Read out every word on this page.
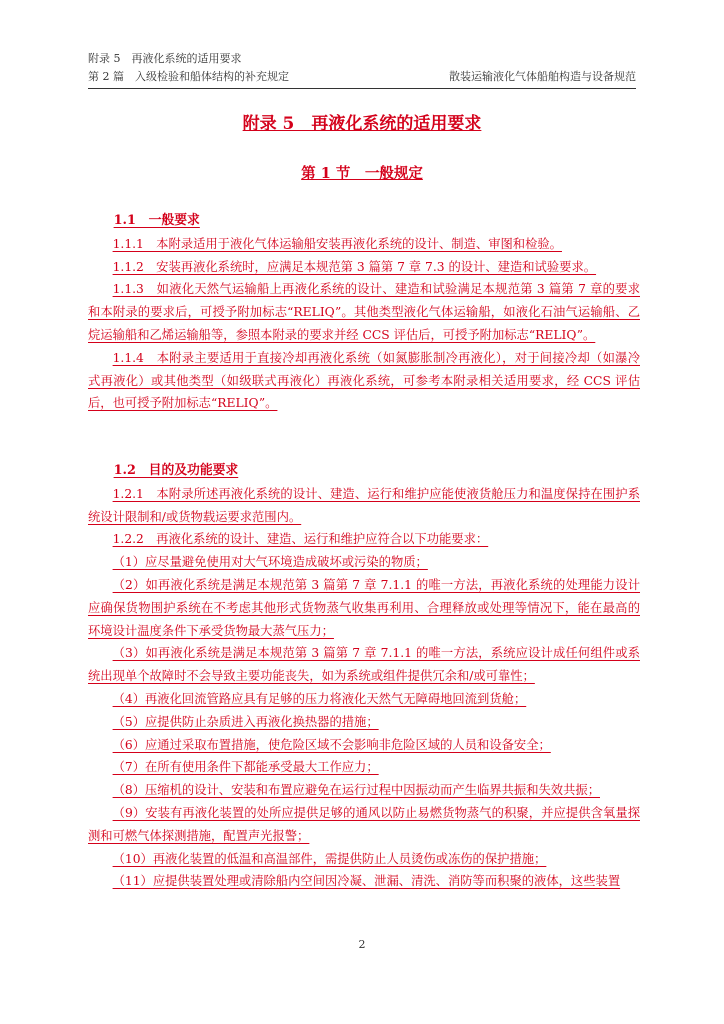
附录 5　再液化系统的适用要求
第 2 篇　入级检验和船体结构的补充规定	散装运输液化气体船舶构造与设备规范
附录 5　再液化系统的适用要求
第 1 节　一般规定

1.1　一般要求

1.1.1　本附录适用于液化气体运输船安装再液化系统的设计、制造、审图和检验。

1.1.2　安装再液化系统时，应满足本规范第 3 篇第 7 章 7.3 的设计、建造和试验要求。

1.1.3　如液化天然气运输船上再液化系统的设计、建造和试验满足本规范第 3 篇第 7 章的要求和本附录的要求后，可授予附加标志“RELIQ”。其他类型液化气体运输船，如液化石油气运输船、乙烷运输船和乙烯运输船等，参照本附录的要求并经 CCS 评估后，可授予附加标志“RELIQ”。

1.1.4　本附录主要适用于直接冷却再液化系统（如氮膨胀制冷再液化），对于间接冷却（如瀑冷式再液化）或其他类型（如级联式再液化）再液化系统，可参考本附录相关适用要求，经 CCS 评估后，也可授予附加标志“RELIQ”。

1.2　目的及功能要求

1.2.1　本附录所述再液化系统的设计、建造、运行和维护应能使液货舱压力和温度保持在围护系统设计限制和/或货物载运要求范围内。

1.2.2　再液化系统的设计、建造、运行和维护应符合以下功能要求：

（1）应尽量避免使用对大气环境造成破坏或污染的物质；

（2）如再液化系统是满足本规范第 3 篇第 7 章 7.1.1 的唯一方法，再液化系统的处理能力设计应确保货物围护系统在不考虑其他形式货物蒸气收集再利用、合理释放或处理等情况下，能在最高的环境设计温度条件下承受货物最大蒸气压力；

（3）如再液化系统是满足本规范第 3 篇第 7 章 7.1.1 的唯一方法，系统应设计成任何组件或系统出现单个故障时不会导致主要功能丧失，如为系统或组件提供冗余和/或可靠性；

（4）再液化回流管路应具有足够的压力将液化天然气无障碍地回流到货舱；

（5）应提供防止杂质进入再液化换热器的措施；

（6）应通过采取布置措施，使危险区域不会影响非危险区域的人员和设备安全；

（7）在所有使用条件下都能承受最大工作应力；

（8）压缩机的设计、安装和布置应避免在运行过程中因振动而产生临界共振和失效共振；

（9）安装有再液化装置的处所应提供足够的通风以防止易燃货物蒸气的积聚，并应提供含氧量探测和可燃气体探测措施，配置声光报警；

（10）再液化装置的低温和高温部件，需提供防止人员烫伤或冻伤的保护措施；

（11）应提供装置处理或清除船内空间因冷凝、泄漏、清洗、消防等而积聚的液体，这些装置

2
